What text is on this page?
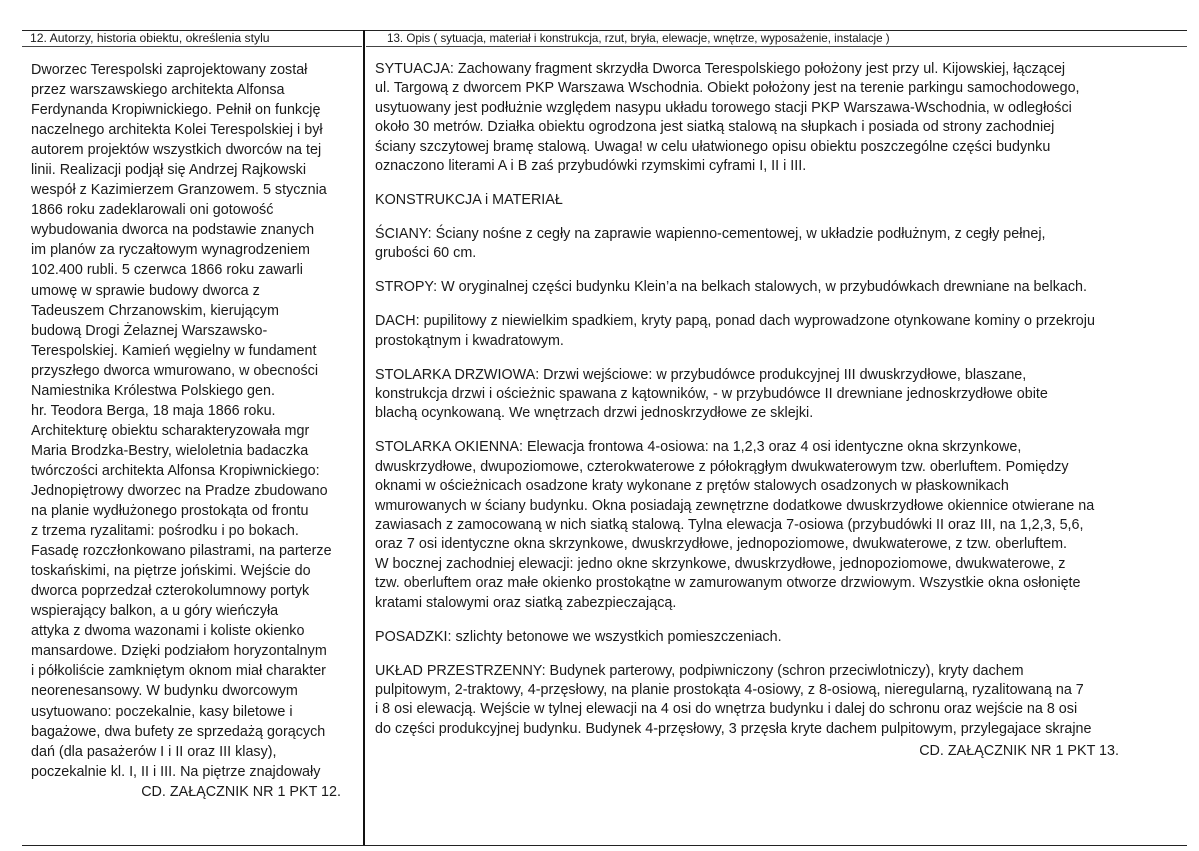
12. Autorzy, historia obiektu, określenia stylu	13. Opis ( sytuacja, materiał i konstrukcja, rzut, bryła, elewacje, wnętrze, wyposażenie, instalacje )
Dworzec Terespolski zaprojektowany został
przez warszawskiego architekta Alfonsa
Ferdynanda Kropiwnickiego. Pełnił on funkcję
naczelnego architekta Kolei Terespolskiej i był
autorem projektów wszystkich dworców na tej
linii. Realizacji podjął się Andrzej Rajkowski
wespół z Kazimierzem Granzowem. 5 stycznia
1866 roku zadeklarowali oni gotowość
wybudowania dworca na podstawie znanych
im planów za ryczałtowym wynagrodzeniem
102.400 rubli. 5 czerwca 1866 roku zawarli
umowę w sprawie budowy dworca z
Tadeuszem Chrzanowskim, kierującym
budową Drogi Żelaznej Warszawsko-
Terespolskiej. Kamień węgielny w fundament
przyszłego dworca wmurowano, w obecności
Namiestnika Królestwa Polskiego gen.
hr. Teodora Berga, 18 maja 1866 roku.
Architekturę obiektu scharakteryzowała mgr
Maria Brodzka-Bestry, wieloletnia badaczka
twórczości architekta Alfonsa Kropiwnickiego:
Jednopiętrowy dworzec na Pradze zbudowano
na planie wydłużonego prostokąta od frontu
z trzema ryzalitami: pośrodku i po bokach.
Fasadę rozczłonkowano pilastrami, na parterze
toskańskimi, na piętrze jońskimi. Wejście do
dworca poprzedzał czterokolumnowy portyk
wspierający balkon, a u góry wieńczyła
attyka z dwoma wazonami i koliste okienko
mansardowe. Dzięki podziałom horyzontalnym
i półkoliście zamkniętym oknom miał charakter
neorenesansowy. W budynku dworcowym
usytuowano: poczekalnie, kasy biletowe i
bagażowe, dwa bufety ze sprzedażą gorących
dań (dla pasażerów I i II oraz III klasy),
poczekalnie kl. I, II i III. Na piętrze znajdowały
CD. ZAŁĄCZNIK NR 1 PKT 12.
SYTUACJA: Zachowany fragment skrzydła Dworca Terespolskiego położony jest przy ul. Kijowskiej, łączącej
ul. Targową z dworcem PKP Warszawa Wschodnia. Obiekt położony jest na terenie parkingu samochodowego,
usytuowany jest podłużnie względem nasypu układu torowego stacji PKP Warszawa-Wschodnia, w odległości
około 30 metrów. Działka obiektu ogrodzona jest siatką stalową na słupkach i posiada od strony zachodniej
ściany szczytowej bramę stalową. Uwaga! w celu ułatwionego opisu obiektu poszczególne części budynku
oznaczono literami A i B zaś przybudówki rzymskimi cyframi I, II i III.
KONSTRUKCJA i MATERIAŁ
ŚCIANY: Ściany nośne z cegły na zaprawie wapienno-cementowej, w układzie podłużnym, z cegły pełnej,
grubości 60 cm.
STROPY: W oryginalnej części budynku Klein’a na belkach stalowych, w przybudówkach drewniane na belkach.
DACH: pupilitowy z niewielkim spadkiem, kryty papą, ponad dach wyprowadzone otynkowane kominy o przekroju
prostokątnym i kwadratowym.
STOLARKA DRZWIOWA: Drzwi wejściowe: w przybudówce produkcyjnej III dwuskrzydłowe, blaszane,
konstrukcja drzwi i ościeżnic spawana z kątowników, - w przybudówce II drewniane jednoskrzydłowe obite
blachą ocynkowaną. We wnętrzach drzwi jednoskrzydłowe ze sklejki.
STOLARKA OKIENNA: Elewacja frontowa 4-osiowa: na 1,2,3 oraz 4 osi identyczne okna skrzynkowe,
dwuskrzydłowe, dwupoziomowe, czterokwaterowe z półokrągłym dwukwaterowym tzw. oberluftem. Pomiędzy
oknami w ościeżnicach osadzone kraty wykonane z prętów stalowych osadzonych w płaskownikach
wmurowanych w ściany budynku. Okna posiadają zewnętrzne dodatkowe dwuskrzydłowe okiennice otwierane na
zawiasach z zamocowaną w nich siatką stalową. Tylna elewacja 7-osiowa (przybudówki II oraz III, na 1,2,3, 5,6,
oraz 7 osi identyczne okna skrzynkowe, dwuskrzydłowe, jednopoziomowe, dwukwaterowe, z tzw. oberluftem.
W bocznej zachodniej elewacji: jedno okne skrzynkowe, dwuskrzydłowe, jednopoziomowe, dwukwaterowe, z
tzw. oberluftem oraz małe okienko prostokątne w zamurowanym otworze drzwiowym. Wszystkie okna osłonięte
kratami stalowymi oraz siatką zabezpieczającą.
POSADZKI: szlichty betonowe we wszystkich pomieszczeniach.
UKŁAD PRZESTRZENNY: Budynek parterowy, podpiwniczony (schron przeciwlotniczy), kryty dachem
pulpitowym, 2-traktowy, 4-przęsłowy, na planie prostokąta 4-osiowy, z 8-osiową, nieregularną, ryzalitowaną na 7
i 8 osi elewacją. Wejście w tylnej elewacji na 4 osi do wnętrza budynku i dalej do schronu oraz wejście na 8 osi
do części produkcyjnej budynku. Budynek 4-przęsłowy, 3 przęsła kryte dachem pulpitowym, przylegajace skrajne
CD. ZAŁĄCZNIK NR 1 PKT 13.
